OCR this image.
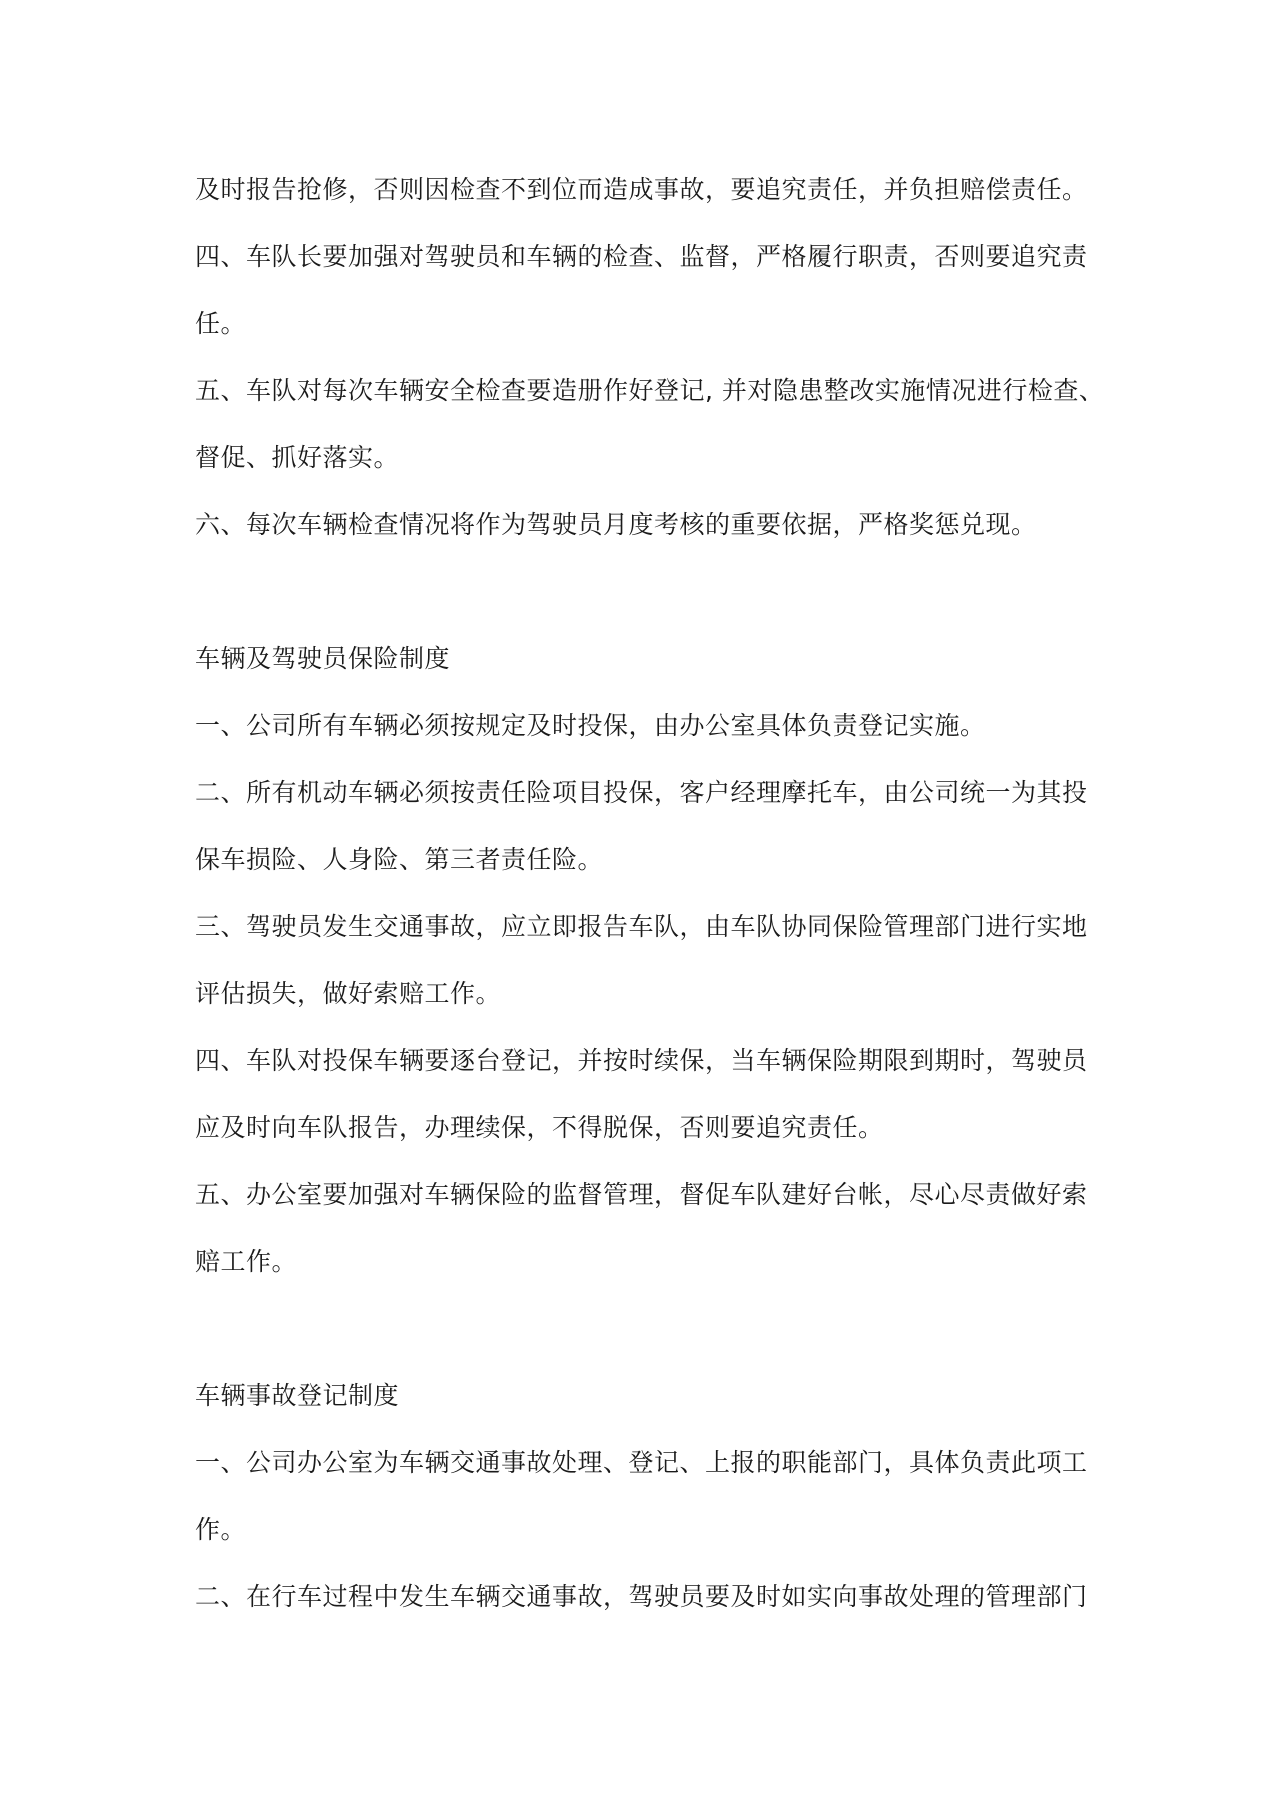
及时报告抢修，否则因检查不到位而造成事故，要追究责任，并负担赔偿责任。
四、车队长要加强对驾驶员和车辆的检查、监督，严格履行职责，否则要追究责
任。
五、车队对每次车辆安全检查要造册作好登记, 并对隐患整改实施情况进行检查、
督促、抓好落实。
六、每次车辆检查情况将作为驾驶员月度考核的重要依据，严格奖惩兑现。
车辆及驾驶员保险制度
一、公司所有车辆必须按规定及时投保，由办公室具体负责登记实施。
二、所有机动车辆必须按责任险项目投保，客户经理摩托车，由公司统一为其投
保车损险、人身险、第三者责任险。
三、驾驶员发生交通事故，应立即报告车队，由车队协同保险管理部门进行实地
评估损失，做好索赔工作。
四、车队对投保车辆要逐台登记，并按时续保，当车辆保险期限到期时，驾驶员
应及时向车队报告，办理续保，不得脱保，否则要追究责任。
五、办公室要加强对车辆保险的监督管理，督促车队建好台帐，尽心尽责做好索
赔工作。
车辆事故登记制度
一、公司办公室为车辆交通事故处理、登记、上报的职能部门，具体负责此项工
作。
二、在行车过程中发生车辆交通事故，驾驶员要及时如实向事故处理的管理部门
